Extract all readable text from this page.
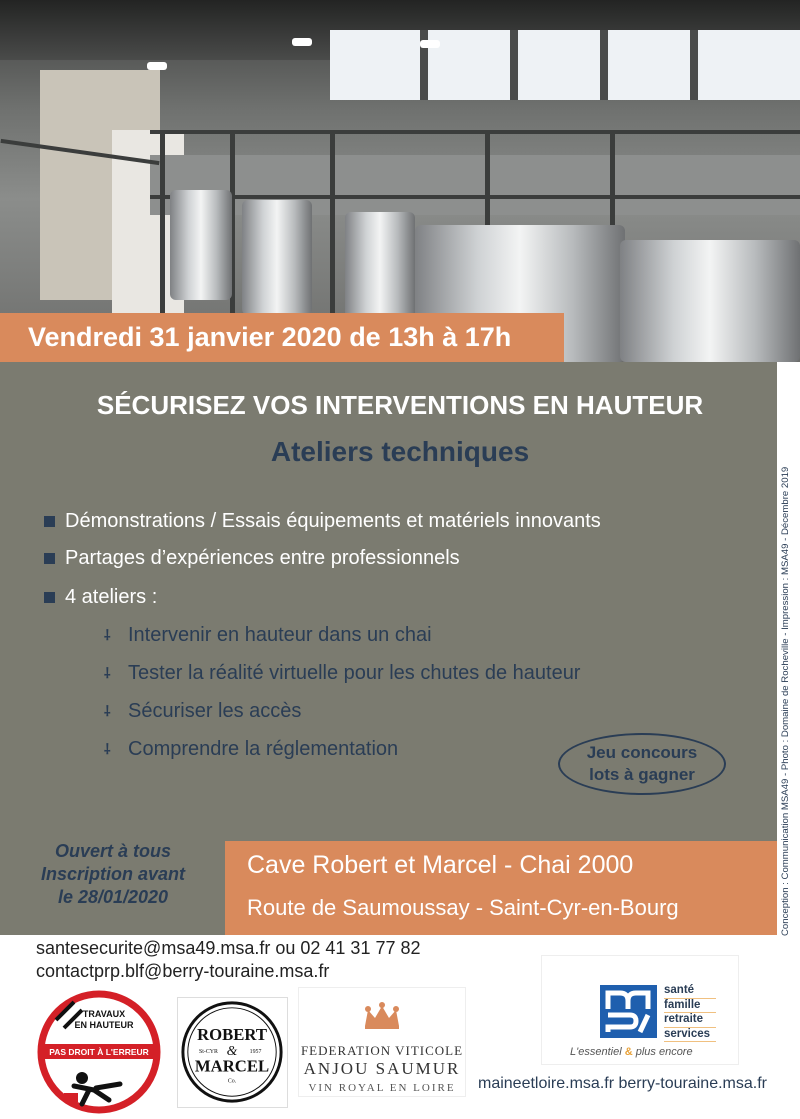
Vendredi 31 janvier 2020 de 13h à 17h
SÉCURISEZ VOS INTERVENTIONS EN HAUTEUR
Ateliers techniques
Démonstrations / Essais équipements et matériels innovants
Partages d’expériences entre professionnels
4 ateliers :
⸸ Intervenir en hauteur dans un chai
⸸ Tester la réalité virtuelle pour les chutes de hauteur
⸸ Sécuriser les accès
⸸ Comprendre la réglementation	Jeu concours
lots à gagner	Conception : Communication MSA49 - Photo : Domaine de Rocheville - Impression : MSA49 - Décembre 2019
Ouvert à tous
Inscription avant
le 28/01/2020
Cave Robert et Marcel - Chai 2000
Route de Saumoussay - Saint-Cyr-en-Bourg
santesecurite@msa49.msa.fr ou 02 41 31 77 82
contactprp.blf@berry-touraine.msa.fr
TRAVAUX
EN HAUTEUR
PAS DROIT À L'ERREUR
ROBERT
St-CYR & 1957
MARCEL
Co.
FEDERATION VITICOLE
ANJOU SAUMUR
VIN ROYAL EN LOIRE
santé
famille
retraite
services
L'essentiel & plus encore
maineetloire.msa.fr berry-touraine.msa.fr
